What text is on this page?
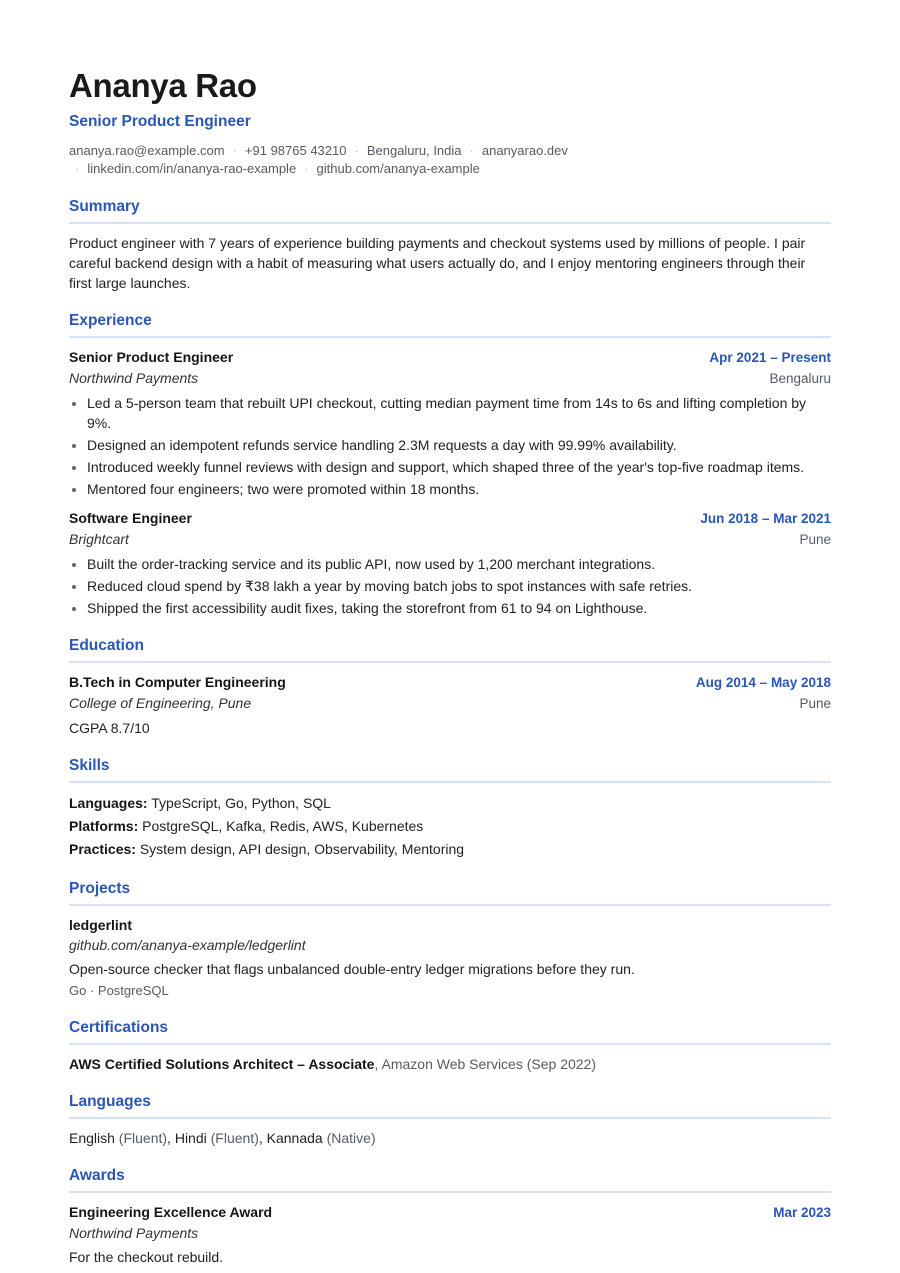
Ananya Rao
Senior Product Engineer
ananya.rao@example.com · +91 98765 43210 · Bengaluru, India · ananyarao.dev
· linkedin.com/in/ananya-rao-example · github.com/ananya-example
Summary

Product engineer with 7 years of experience building payments and checkout systems used by millions of people. I pair careful backend design with a habit of measuring what users actually do, and I enjoy mentoring engineers through their first large launches.

Experience
Senior Product Engineer	Apr 2021 – Present
Northwind Payments	Bengaluru
• Led a 5-person team that rebuilt UPI checkout, cutting median payment time from 14s to 6s and lifting completion by 9%.
• Designed an idempotent refunds service handling 2.3M requests a day with 99.99% availability.
• Introduced weekly funnel reviews with design and support, which shaped three of the year's top-five roadmap items.
• Mentored four engineers; two were promoted within 18 months.
Software Engineer	Jun 2018 – Mar 2021
Brightcart	Pune
• Built the order-tracking service and its public API, now used by 1,200 merchant integrations.
• Reduced cloud spend by ₹38 lakh a year by moving batch jobs to spot instances with safe retries.
• Shipped the first accessibility audit fixes, taking the storefront from 61 to 94 on Lighthouse.
Education
B.Tech in Computer Engineering	Aug 2014 – May 2018
College of Engineering, Pune	Pune
CGPA 8.7/10
Skills
Languages: TypeScript, Go, Python, SQL
Platforms: PostgreSQL, Kafka, Redis, AWS, Kubernetes
Practices: System design, API design, Observability, Mentoring
Projects
ledgerlint
github.com/ananya-example/ledgerlint
Open-source checker that flags unbalanced double-entry ledger migrations before they run.
Go · PostgreSQL
Certifications
AWS Certified Solutions Architect – Associate, Amazon Web Services (Sep 2022)
Languages
English (Fluent), Hindi (Fluent), Kannada (Native)
Awards
Engineering Excellence Award	Mar 2023
Northwind Payments
For the checkout rebuild.
